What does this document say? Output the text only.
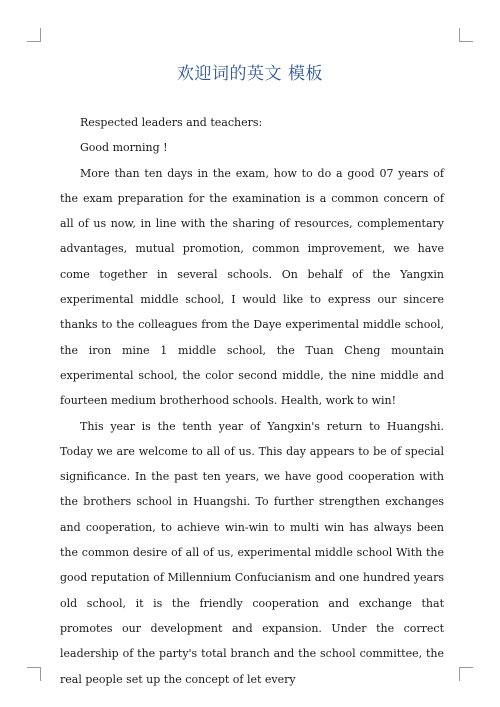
欢迎词的英文 模板

Respected leaders and teachers:

Good morning !

More than ten days in the exam, how to do a good 07 years of the exam preparation for the examination is a common concern of all of us now, in line with the sharing of resources, complementary advantages, mutual promotion, common improvement, we have come together in several schools. On behalf of the Yangxin experimental middle school, I would like to express our sincere thanks to the colleagues from the Daye experimental middle school, the iron mine 1 middle school, the Tuan Cheng mountain experimental school, the color second middle, the nine middle and fourteen medium brotherhood schools. Health, work to win!

This year is the tenth year of Yangxin's return to Huangshi. Today we are welcome to all of us. This day appears to be of special significance. In the past ten years, we have good cooperation with the brothers school in Huangshi. To further strengthen exchanges and cooperation, to achieve win-win to multi win has always been the common desire of all of us, experimental middle school With the good reputation of Millennium Confucianism and one hundred years old school, it is the friendly cooperation and exchange that promotes our development and expansion. Under the correct leadership of the party's total branch and the school committee, the real people set up the concept of let every
